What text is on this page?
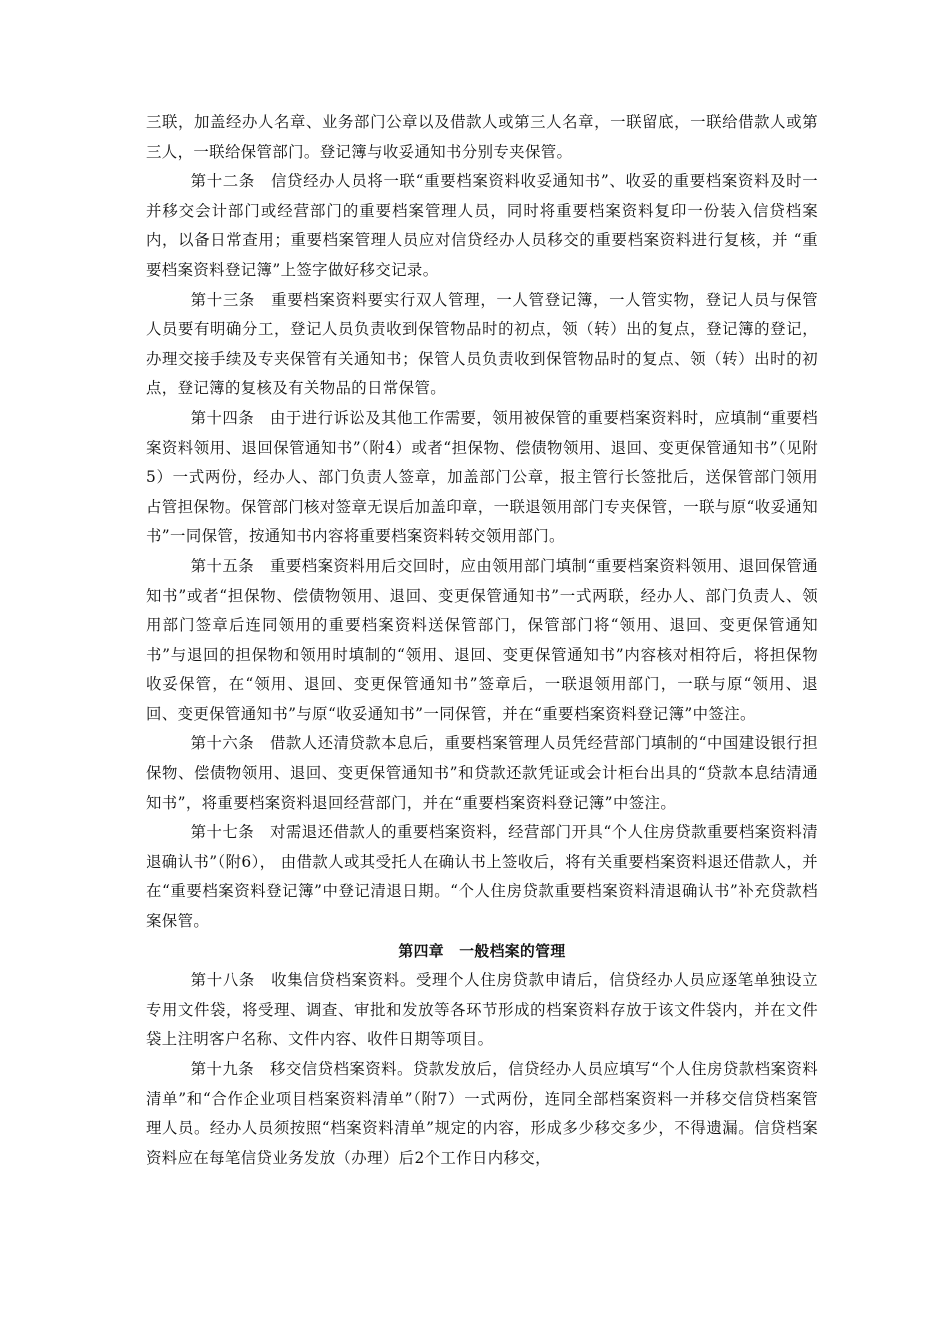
三联，加盖经办人名章、业务部门公章以及借款人或第三人名章，一联留底，一联给借款人或第三人，一联给保管部门。登记簿与收妥通知书分别专夹保管。

第十二条　信贷经办人员将一联“重要档案资料收妥通知书”、收妥的重要档案资料及时一并移交会计部门或经营部门的重要档案管理人员，同时将重要档案资料复印一份装入信贷档案内，以备日常查用；重要档案管理人员应对信贷经办人员移交的重要档案资料进行复核，并 “重要档案资料登记簿”上签字做好移交记录。

第十三条　重要档案资料要实行双人管理，一人管登记簿，一人管实物，登记人员与保管人员要有明确分工，登记人员负责收到保管物品时的初点，领（转）出的复点，登记簿的登记，办理交接手续及专夹保管有关通知书；保管人员负责收到保管物品时的复点、领（转）出时的初点，登记簿的复核及有关物品的日常保管。

第十四条　由于进行诉讼及其他工作需要，领用被保管的重要档案资料时，应填制“重要档案资料领用、退回保管通知书”（附4）或者“担保物、偿债物领用、退回、变更保管通知书”（见附5）一式两份，经办人、部门负责人签章，加盖部门公章，报主管行长签批后，送保管部门领用占管担保物。保管部门核对签章无误后加盖印章，一联退领用部门专夹保管，一联与原“收妥通知书”一同保管，按通知书内容将重要档案资料转交领用部门。

第十五条　重要档案资料用后交回时，应由领用部门填制“重要档案资料领用、退回保管通知书”或者“担保物、偿债物领用、退回、变更保管通知书”一式两联，经办人、部门负责人、领用部门签章后连同领用的重要档案资料送保管部门，保管部门将“领用、退回、变更保管通知书”与退回的担保物和领用时填制的“领用、退回、变更保管通知书”内容核对相符后，将担保物收妥保管，在“领用、退回、变更保管通知书”签章后，一联退领用部门，一联与原“领用、退回、变更保管通知书”与原“收妥通知书”一同保管，并在“重要档案资料登记簿”中签注。

第十六条　借款人还清贷款本息后，重要档案管理人员凭经营部门填制的“中国建设银行担保物、偿债物领用、退回、变更保管通知书”和贷款还款凭证或会计柜台出具的“贷款本息结清通知书”，将重要档案资料退回经营部门，并在“重要档案资料登记簿”中签注。

第十七条　对需退还借款人的重要档案资料，经营部门开具“个人住房贷款重要档案资料清退确认书”（附6）， 由借款人或其受托人在确认书上签收后，将有关重要档案资料退还借款人，并在“重要档案资料登记簿”中登记清退日期。“个人住房贷款重要档案资料清退确认书”补充贷款档案保管。

第四章　一般档案的管理

第十八条　收集信贷档案资料。受理个人住房贷款申请后，信贷经办人员应逐笔单独设立专用文件袋，将受理、调查、审批和发放等各环节形成的档案资料存放于该文件袋内，并在文件袋上注明客户名称、文件内容、收件日期等项目。

第十九条　移交信贷档案资料。贷款发放后，信贷经办人员应填写“个人住房贷款档案资料清单”和“合作企业项目档案资料清单”（附7）一式两份，连同全部档案资料一并移交信贷档案管理人员。经办人员须按照“档案资料清单”规定的内容，形成多少移交多少，不得遗漏。信贷档案资料应在每笔信贷业务发放（办理）后2个工作日内移交，
